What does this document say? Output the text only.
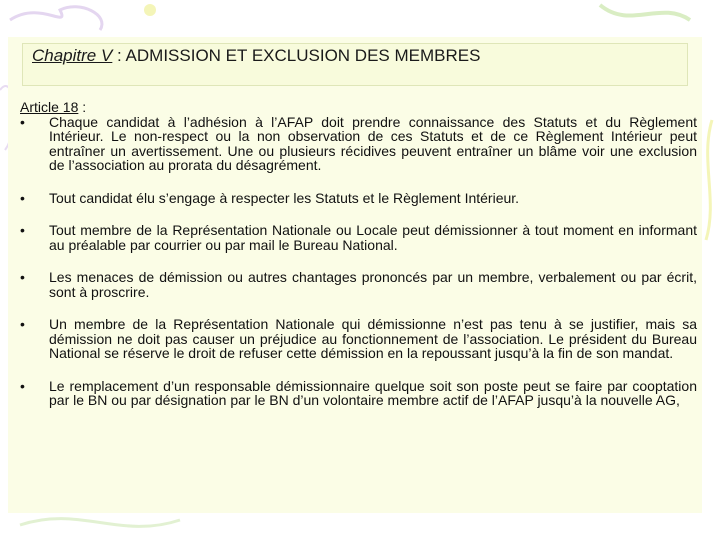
Chapitre V : ADMISSION ET EXCLUSION DES MEMBRES

Article 18 :

• Chaque candidat à l’adhésion à l’AFAP doit prendre connaissance des Statuts et du Règlement Intérieur. Le non-respect ou la non observation de ces Statuts et de ce Règlement Intérieur peut entraîner un avertissement. Une ou plusieurs récidives peuvent entraîner un blâme voir une exclusion de l’association au prorata du désagrément.
• Tout candidat élu s’engage à respecter les Statuts et le Règlement Intérieur.
• Tout membre de la Représentation Nationale ou Locale peut démissionner à tout moment en informant au préalable par courrier ou par mail le Bureau National.
• Les menaces de démission ou autres chantages prononcés par un membre, verbalement ou par écrit, sont à proscrire.
• Un membre de la Représentation Nationale qui démissionne n’est pas tenu à se justifier, mais sa démission ne doit pas causer un préjudice au fonctionnement de l’association. Le président du Bureau National se réserve le droit de refuser cette démission en la repoussant jusqu’à la fin de son mandat.
• Le remplacement d’un responsable démissionnaire quelque soit son poste peut se faire par cooptation par le BN ou par désignation par le BN d’un volontaire membre actif de l’AFAP jusqu’à la nouvelle AG,
